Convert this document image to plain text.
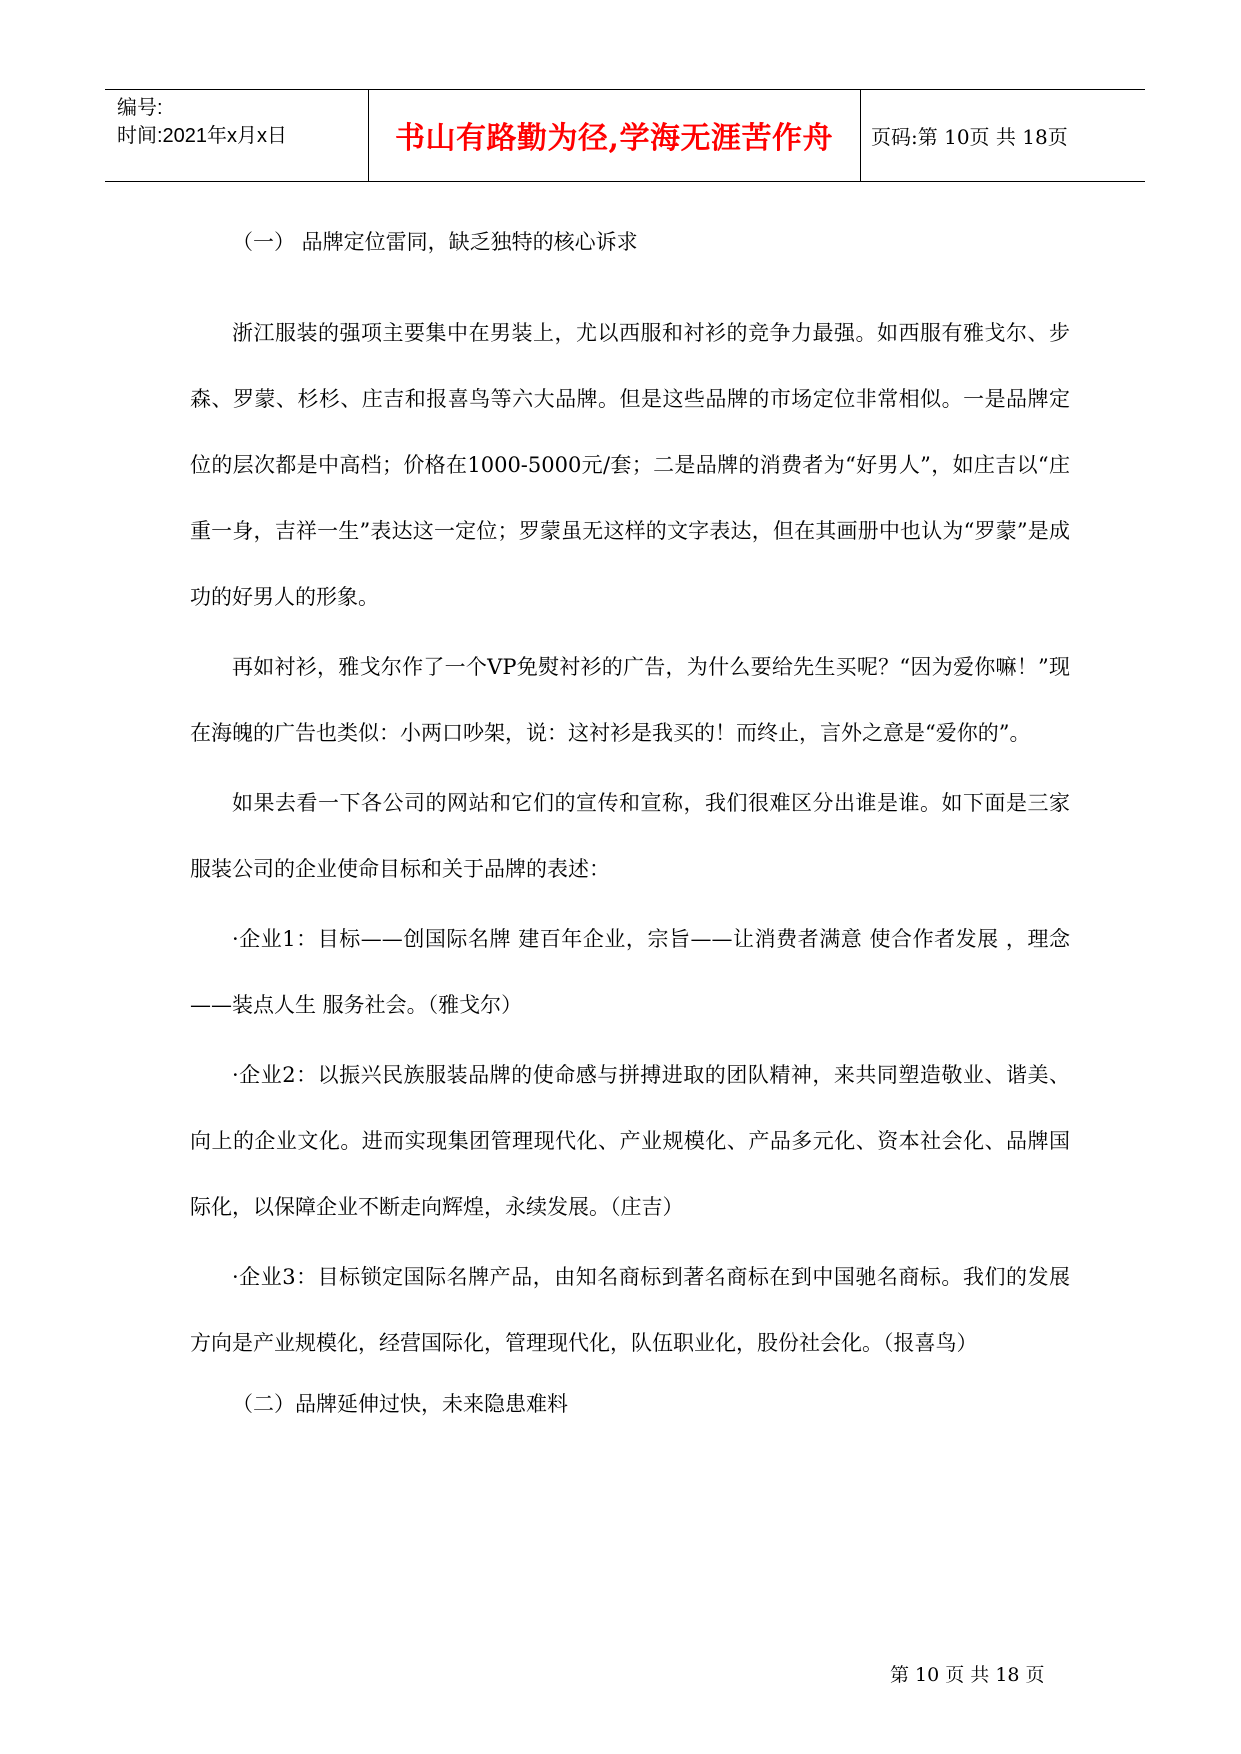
编号:
时间:2021年x月x日	书山有路勤为径,学海无涯苦作舟	页码:第 10页 共 18页

（一） 品牌定位雷同，缺乏独特的核心诉求

浙江服装的强项主要集中在男装上，尤以西服和衬衫的竞争力最强。如西服有雅戈尔、步森、罗蒙、杉杉、庄吉和报喜鸟等六大品牌。但是这些品牌的市场定位非常相似。一是品牌定位的层次都是中高档；价格在1000-5000元/套；二是品牌的消费者为“好男人”，如庄吉以“庄重一身，吉祥一生”表达这一定位；罗蒙虽无这样的文字表达，但在其画册中也认为“罗蒙”是成功的好男人的形象。

再如衬衫，雅戈尔作了一个VP免熨衬衫的广告，为什么要给先生买呢？“因为爱你嘛！”现在海魄的广告也类似：小两口吵架，说：这衬衫是我买的！而终止，言外之意是“爱你的”。

如果去看一下各公司的网站和它们的宣传和宣称，我们很难区分出谁是谁。如下面是三家服装公司的企业使命目标和关于品牌的表述：

·企业1：目标——创国际名牌 建百年企业，宗旨——让消费者满意 使合作者发展 ，理念——装点人生 服务社会。（雅戈尔）

·企业2：以振兴民族服装品牌的使命感与拼搏进取的团队精神，来共同塑造敬业、谐美、向上的企业文化。进而实现集团管理现代化、产业规模化、产品多元化、资本社会化、品牌国际化，以保障企业不断走向辉煌，永续发展。（庄吉）

·企业3：目标锁定国际名牌产品，由知名商标到著名商标在到中国驰名商标。我们的发展方向是产业规模化，经营国际化，管理现代化，队伍职业化，股份社会化。（报喜鸟）

（二）品牌延伸过快，未来隐患难料

第 10 页 共 18 页
